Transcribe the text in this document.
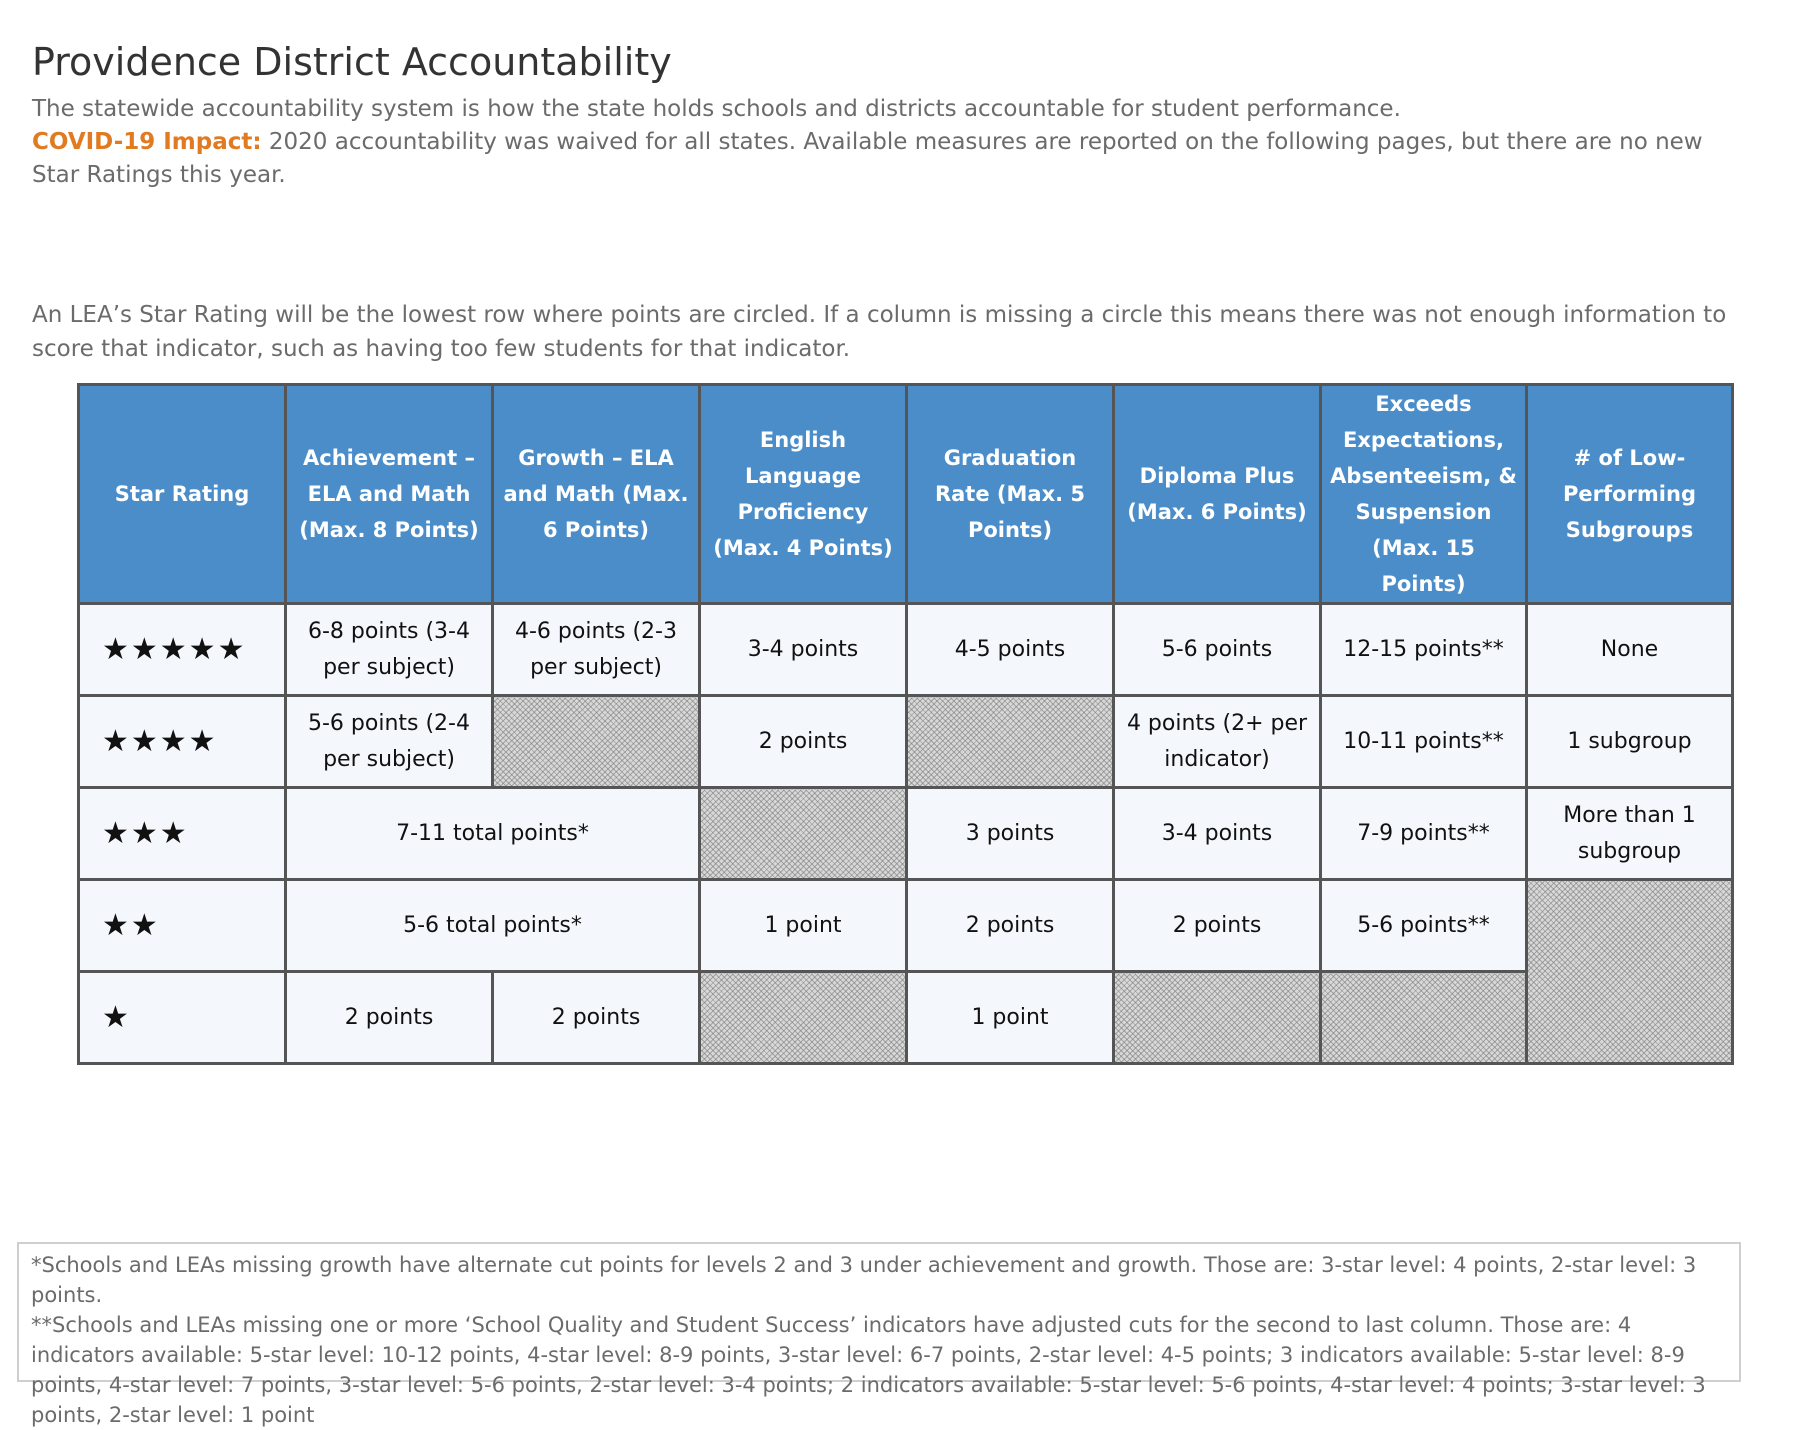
Providence District Accountability
The statewide accountability system is how the state holds schools and districts accountable for student performance.
COVID-19 Impact: 2020 accountability was waived for all states. Available measures are reported on the following pages, but there are no new Star Ratings this year.
An LEA’s Star Rating will be the lowest row where points are circled. If a column is missing a circle this means there was not enough information to score that indicator, such as having too few students for that indicator.
Star Rating	Achievement – ELA and Math (Max. 8 Points)	Growth – ELA and Math (Max. 6 Points)	English Language Proficiency (Max. 4 Points)	Graduation Rate (Max. 5 Points)	Diploma Plus (Max. 6 Points)	Exceeds Expectations, Absenteeism, & Suspension (Max. 15 Points)	# of Low-Performing Subgroups
★★★★★	6-8 points (3-4 per subject)	4-6 points (2-3 per subject)	3-4 points	4-5 points	5-6 points	12-15 points**	None
★★★★	5-6 points (2-4 per subject)		2 points		4 points (2+ per indicator)	10-11 points**	1 subgroup
★★★	7-11 total points*			3 points	3-4 points	7-9 points**	More than 1 subgroup
★★	5-6 total points*		1 point	2 points	2 points	5-6 points**	
★	2 points	2 points		1 point			

*Schools and LEAs missing growth have alternate cut points for levels 2 and 3 under achievement and growth. Those are: 3-star level: 4 points, 2-star level: 3 points.

**Schools and LEAs missing one or more ‘School Quality and Student Success’ indicators have adjusted cuts for the second to last column. Those are: 4 indicators available: 5-star level: 10-12 points, 4-star level: 8-9 points, 3-star level: 6-7 points, 2-star level: 4-5 points; 3 indicators available: 5-star level: 8-9 points, 4-star level: 7 points, 3-star level: 5-6 points, 2-star level: 3-4 points; 2 indicators available: 5-star level: 5-6 points, 4-star level: 4 points; 3-star level: 3 points, 2-star level: 1 point
